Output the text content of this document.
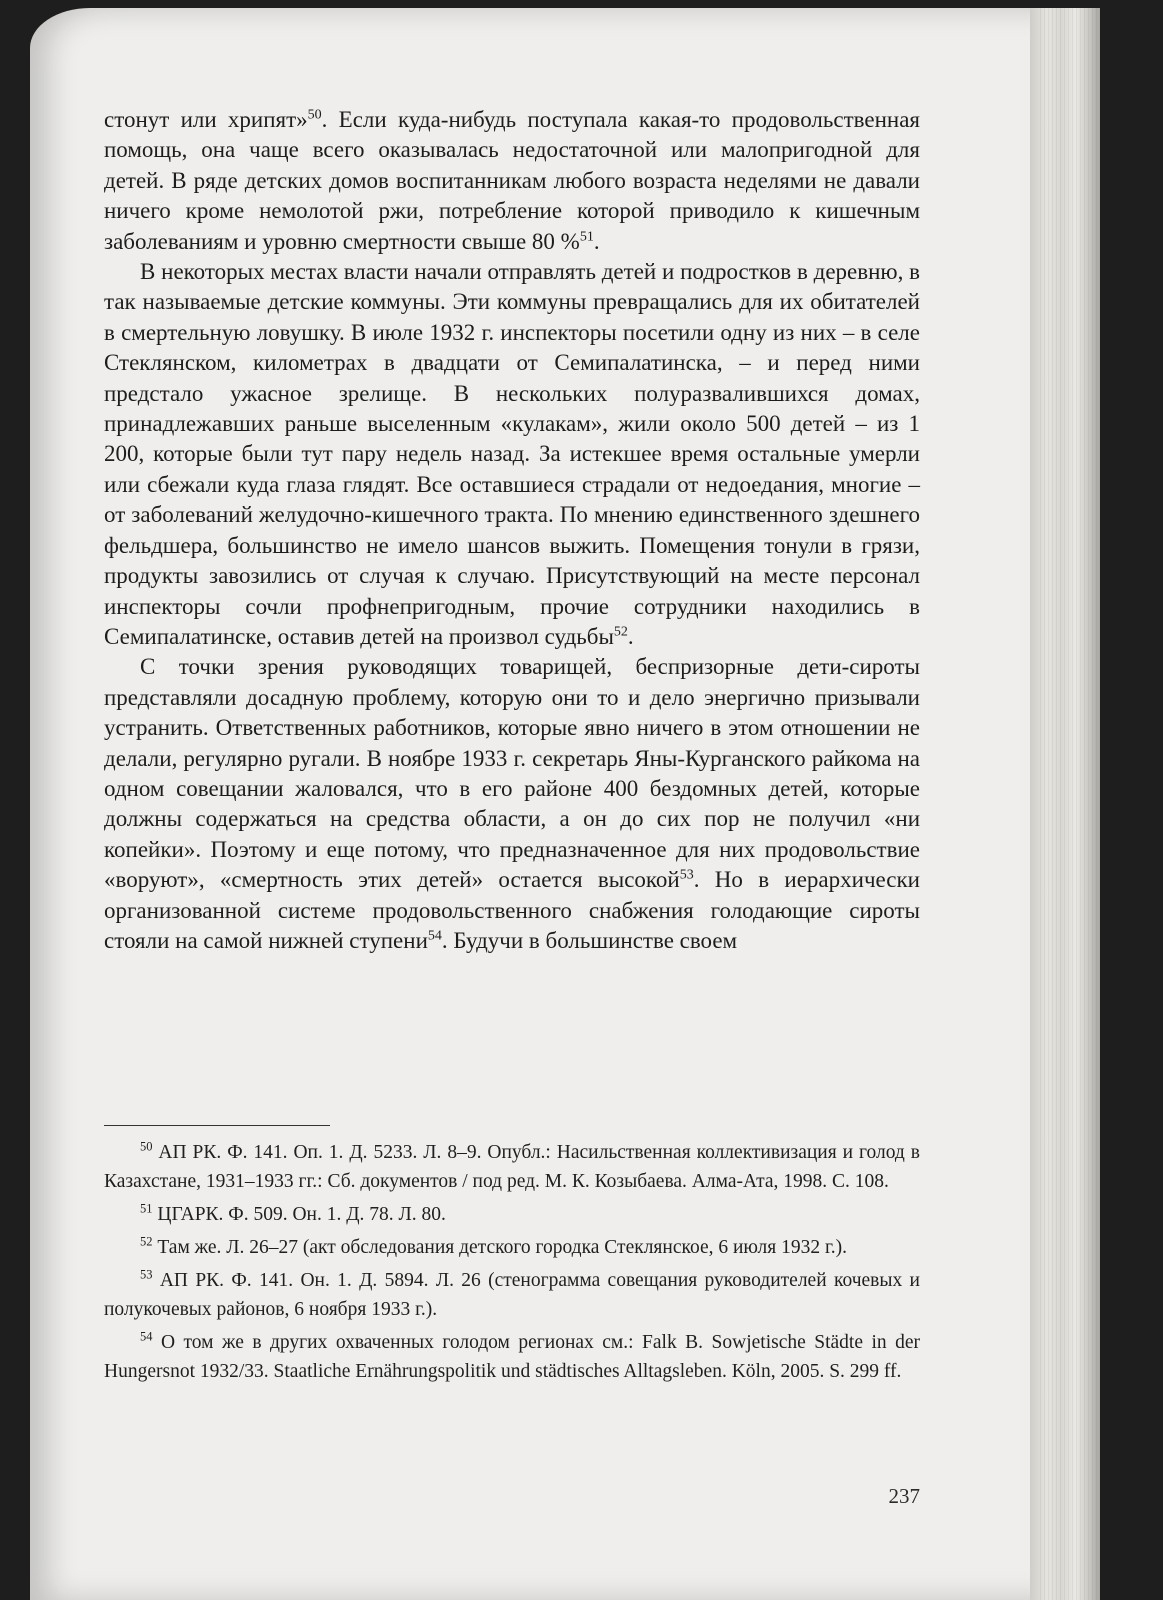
стонут или хрипят»$^{50}$. Если куда-нибудь поступала какая-то продовольственная помощь, она чаще всего оказывалась недостаточной или малопригодной для детей. В ряде детских домов воспитанникам любого возраста неделями не давали ничего кроме немолотой ржи, потребление которой приводило к кишечным заболеваниям и уровню смертности свыше 80 %$^{51}$.

В некоторых местах власти начали отправлять детей и подростков в деревню, в так называемые детские коммуны. Эти коммуны превращались для их обитателей в смертельную ловушку. В июле 1932 г. инспекторы посетили одну из них – в селе Стеклянском, километрах в двадцати от Семипалатинска, – и перед ними предстало ужасное зрелище. В нескольких полуразвалившихся домах, принадлежавших раньше выселенным «кулакам», жили около 500 детей – из 1 200, которые были тут пару недель назад. За истекшее время остальные умерли или сбежали куда глаза глядят. Все оставшиеся страдали от недоедания, многие – от заболеваний желудочно-кишечного тракта. По мнению единственного здешнего фельдшера, большинство не имело шансов выжить. Помещения тонули в грязи, продукты завозились от случая к случаю. Присутствующий на месте персонал инспекторы сочли профнепригодным, прочие сотрудники находились в Семипалатинске, оставив детей на произвол судьбы$^{52}$.

С точки зрения руководящих товарищей, беспризорные дети-сироты представляли досадную проблему, которую они то и дело энергично призывали устранить. Ответственных работников, которые явно ничего в этом отношении не делали, регулярно ругали. В ноябре 1933 г. секретарь Яны-Курганского райкома на одном совещании жаловался, что в его районе 400 бездомных детей, которые должны содержаться на средства области, а он до сих пор не получил «ни копейки». Поэтому и еще потому, что предназначенное для них продовольствие «воруют», «смертность этих детей» остается высокой$^{53}$. Но в иерархически организованной системе продовольственного снабжения голодающие сироты стояли на самой нижней ступени$^{54}$. Будучи в большинстве своем

$^{50}$ АП РК. Ф. 141. Оп. 1. Д. 5233. Л. 8–9. Опубл.: Насильственная коллективизация и голод в Казахстане, 1931–1933 гг.: Сб. документов / под ред. М. К. Козыбаева. Алма-Ата, 1998. С. 108.

$^{51}$ ЦГАРК. Ф. 509. Он. 1. Д. 78. Л. 80.

$^{52}$ Там же. Л. 26–27 (акт обследования детского городка Стеклянское, 6 июля 1932 г.).

$^{53}$ АП РК. Ф. 141. Он. 1. Д. 5894. Л. 26 (стенограмма совещания руководителей кочевых и полукочевых районов, 6 ноября 1933 г.).

$^{54}$ О том же в других охваченных голодом регионах см.: Falk B. Sowjetische Städte in der Hungersnot 1932/33. Staatliche Ernährungspolitik und städtisches Alltagsleben. Köln, 2005. S. 299 ff.

237
